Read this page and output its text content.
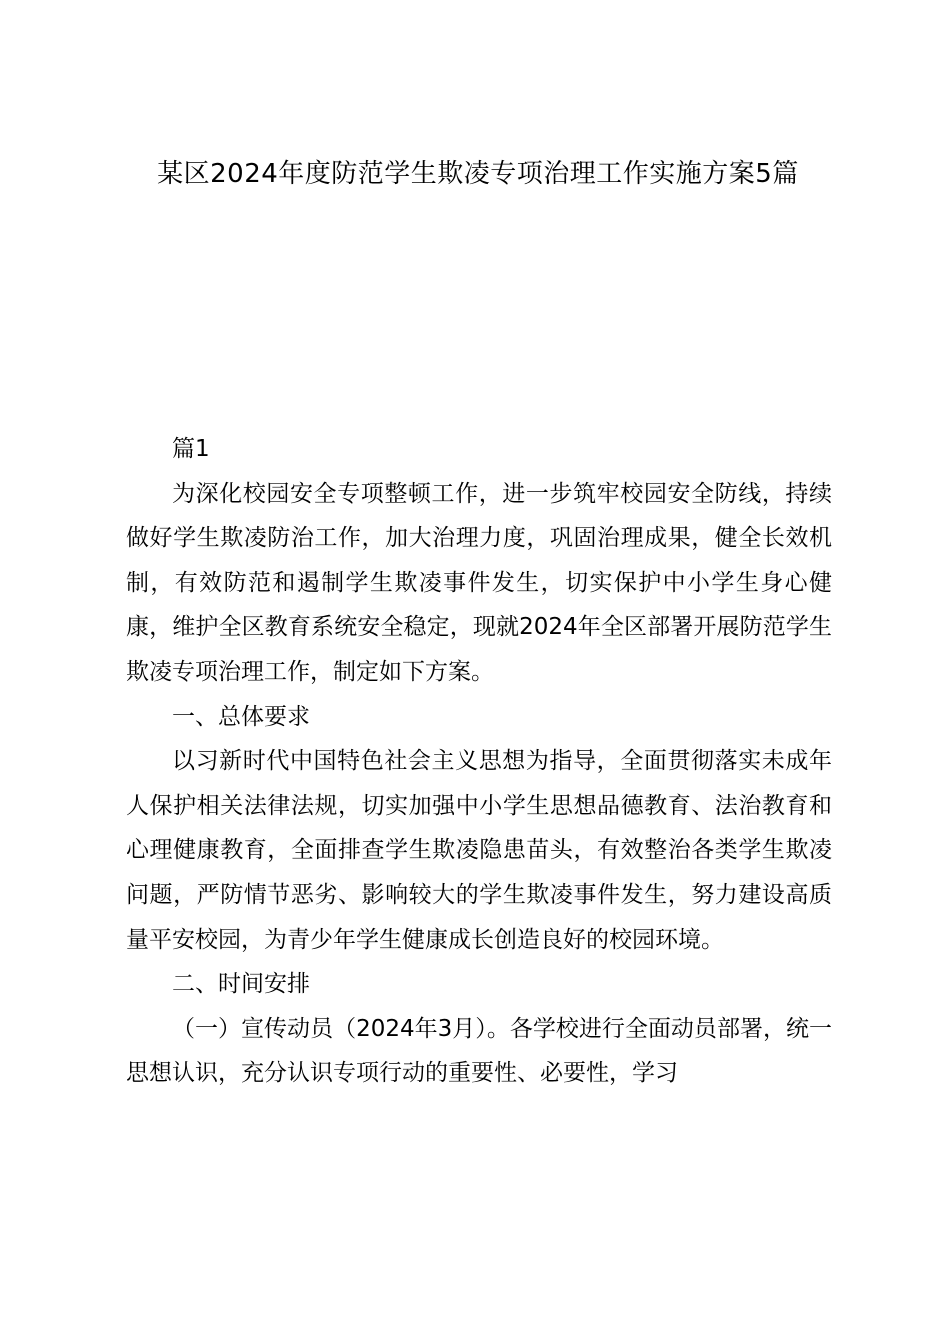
某区2024年度防范学生欺凌专项治理工作实施方案5篇

篇1

为深化校园安全专项整顿工作，进一步筑牢校园安全防线，持续做好学生欺凌防治工作，加大治理力度，巩固治理成果，健全长效机制，有效防范和遏制学生欺凌事件发生，切实保护中小学生身心健康，维护全区教育系统安全稳定，现就2024年全区部署开展防范学生欺凌专项治理工作，制定如下方案。

一、总体要求

以习新时代中国特色社会主义思想为指导，全面贯彻落实未成年人保护相关法律法规，切实加强中小学生思想品德教育、法治教育和心理健康教育，全面排查学生欺凌隐患苗头，有效整治各类学生欺凌问题，严防情节恶劣、影响较大的学生欺凌事件发生，努力建设高质量平安校园，为青少年学生健康成长创造良好的校园环境。

二、时间安排

（一）宣传动员（2024年3月）。各学校进行全面动员部署，统一思想认识，充分认识专项行动的重要性、必要性，学习
